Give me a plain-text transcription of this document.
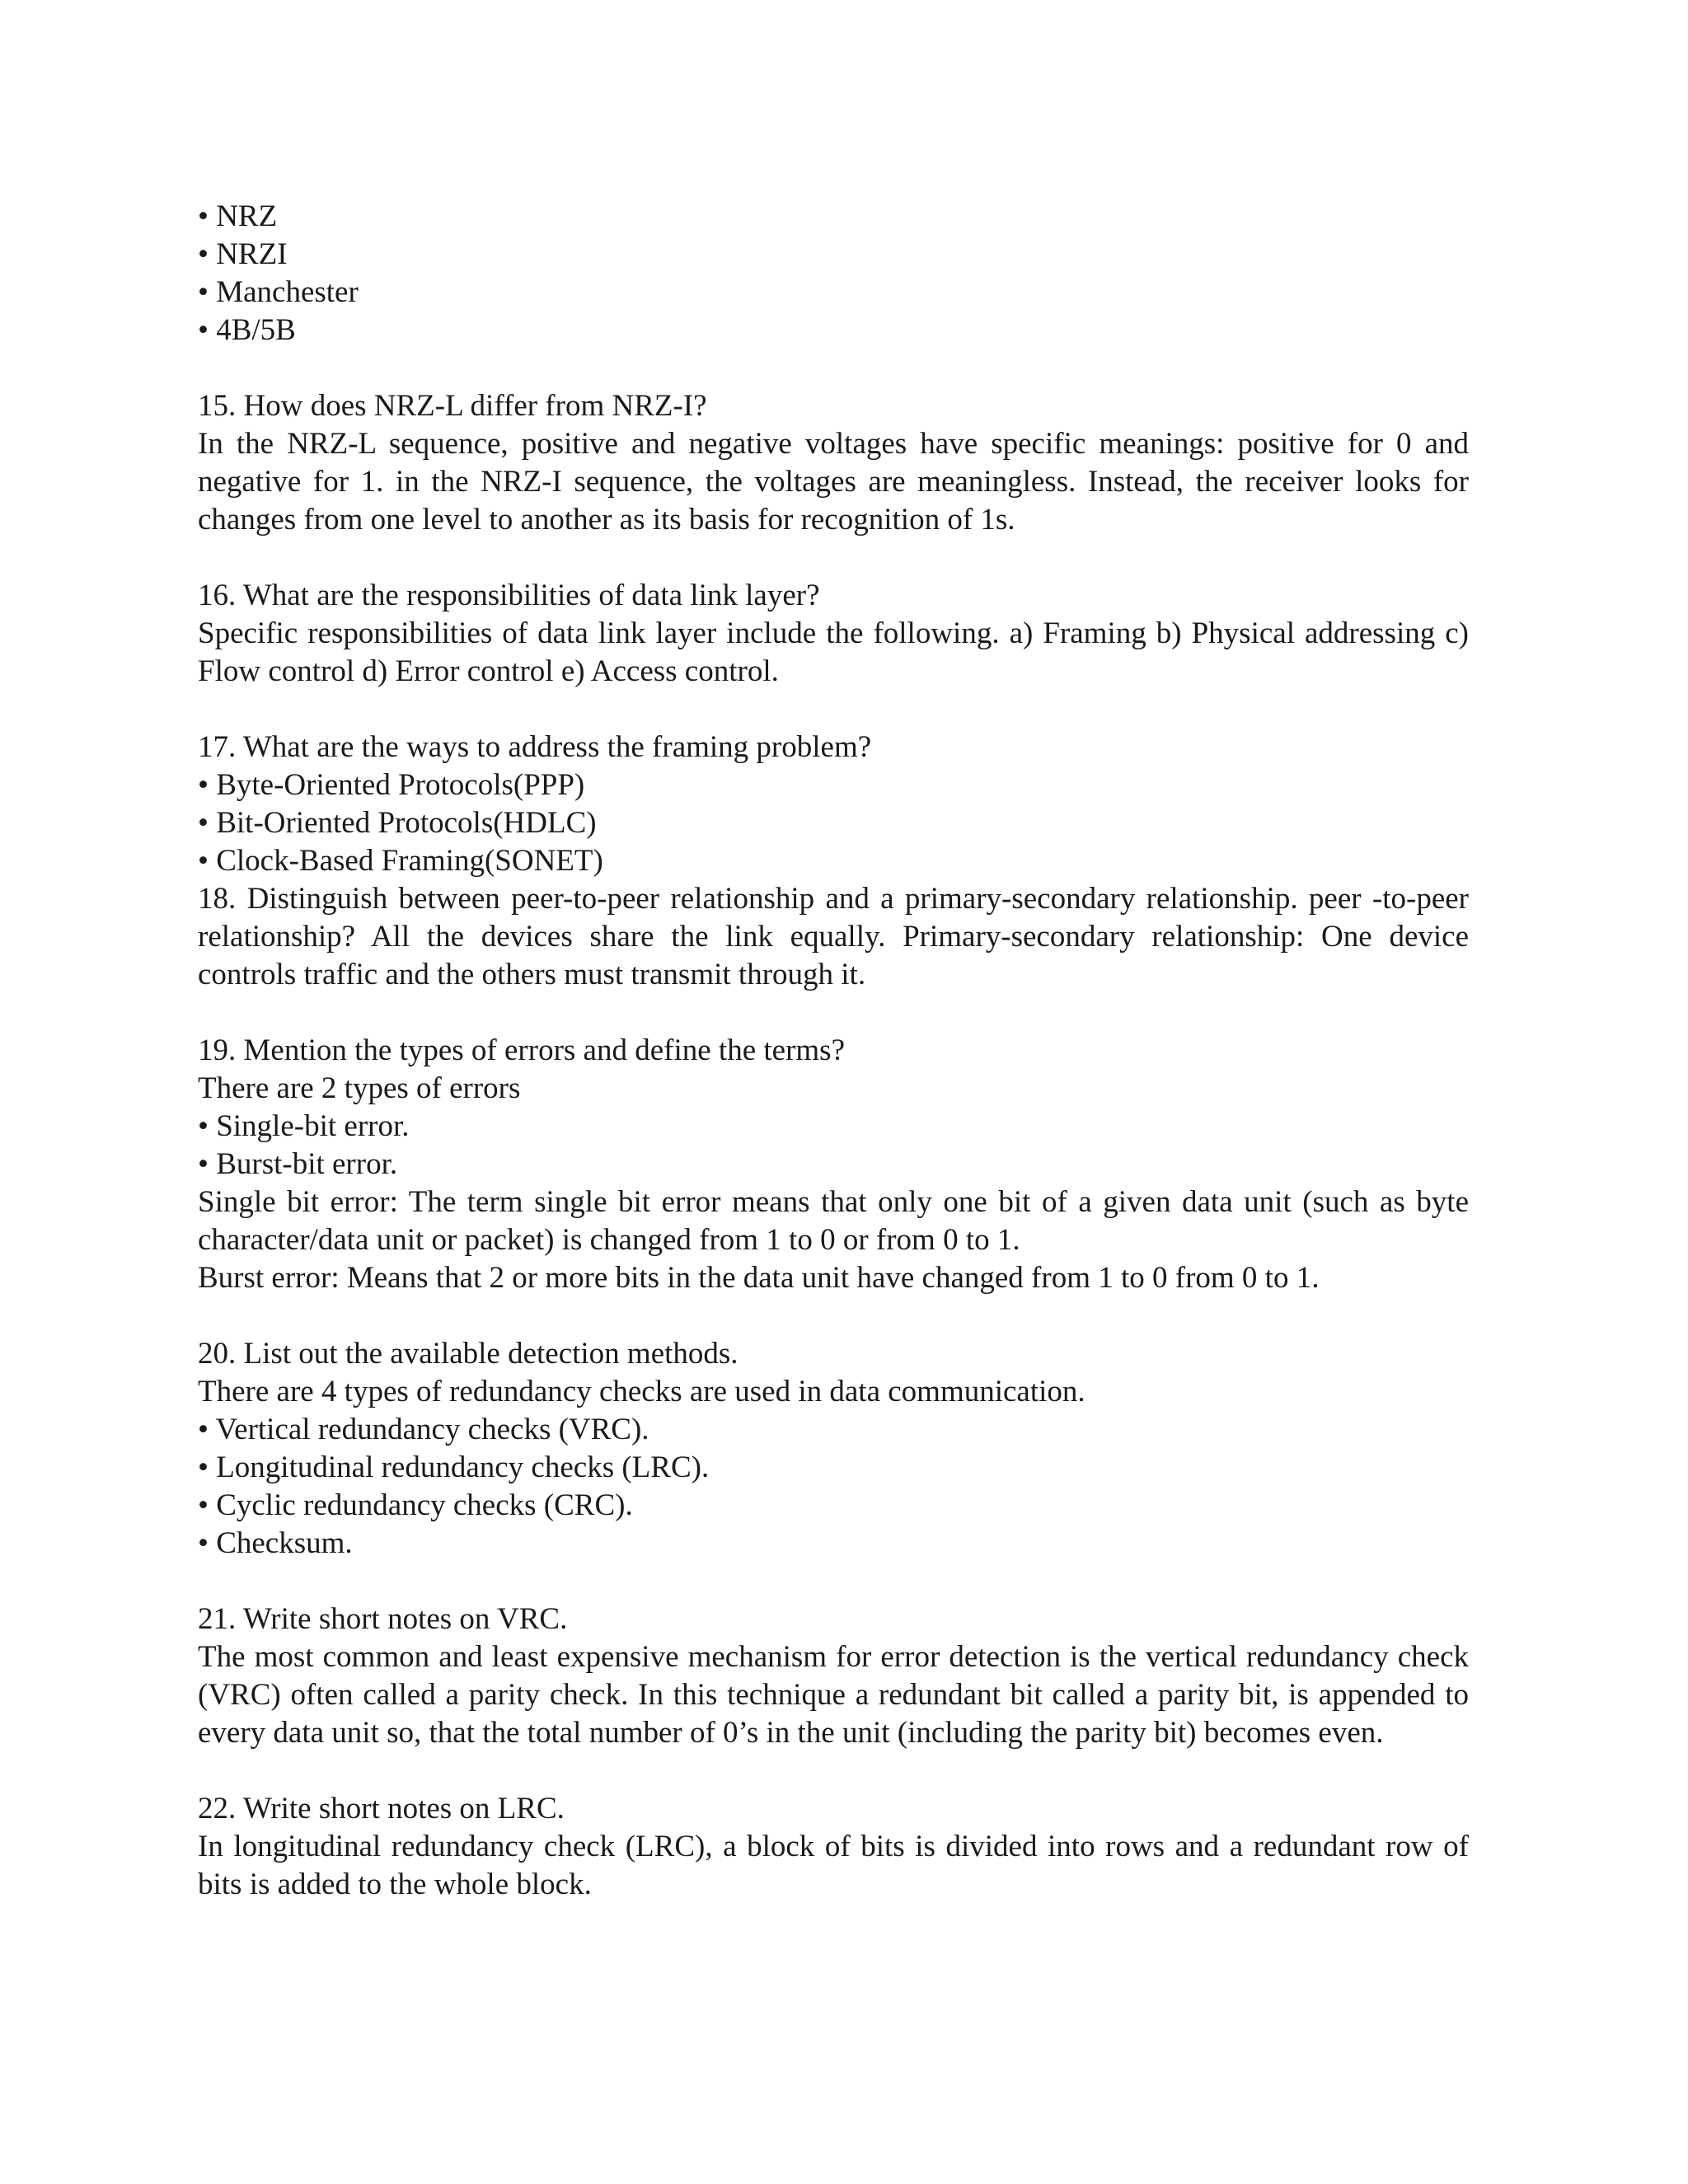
• NRZ
• NRZI
• Manchester
• 4B/5B
15. How does NRZ-L differ from NRZ-I?
In the NRZ-L sequence, positive and negative voltages have specific meanings: positive for 0 and negative for 1. in the NRZ-I sequence, the voltages are meaningless. Instead, the receiver looks for changes from one level to another as its basis for recognition of 1s.
16. What are the responsibilities of data link layer?
Specific responsibilities of data link layer include the following. a) Framing b) Physical addressing c) Flow control d) Error control e) Access control.
17. What are the ways to address the framing problem?
• Byte-Oriented Protocols(PPP)
• Bit-Oriented Protocols(HDLC)
• Clock-Based Framing(SONET)
18. Distinguish between peer-to-peer relationship and a primary-secondary relationship. peer -to-peer relationship? All the devices share the link equally. Primary-secondary relationship: One device controls traffic and the others must transmit through it.
19. Mention the types of errors and define the terms?
There are 2 types of errors
• Single-bit error.
• Burst-bit error.
Single bit error: The term single bit error means that only one bit of a given data unit (such as byte character/data unit or packet) is changed from 1 to 0 or from 0 to 1.
Burst error: Means that 2 or more bits in the data unit have changed from 1 to 0 from 0 to 1.
20. List out the available detection methods.
There are 4 types of redundancy checks are used in data communication.
• Vertical redundancy checks (VRC).
• Longitudinal redundancy checks (LRC).
• Cyclic redundancy checks (CRC).
• Checksum.
21. Write short notes on VRC.
The most common and least expensive mechanism for error detection is the vertical redundancy check (VRC) often called a parity check. In this technique a redundant bit called a parity bit, is appended to every data unit so, that the total number of 0’s in the unit (including the parity bit) becomes even.
22. Write short notes on LRC.
In longitudinal redundancy check (LRC), a block of bits is divided into rows and a redundant row of bits is added to the whole block.
